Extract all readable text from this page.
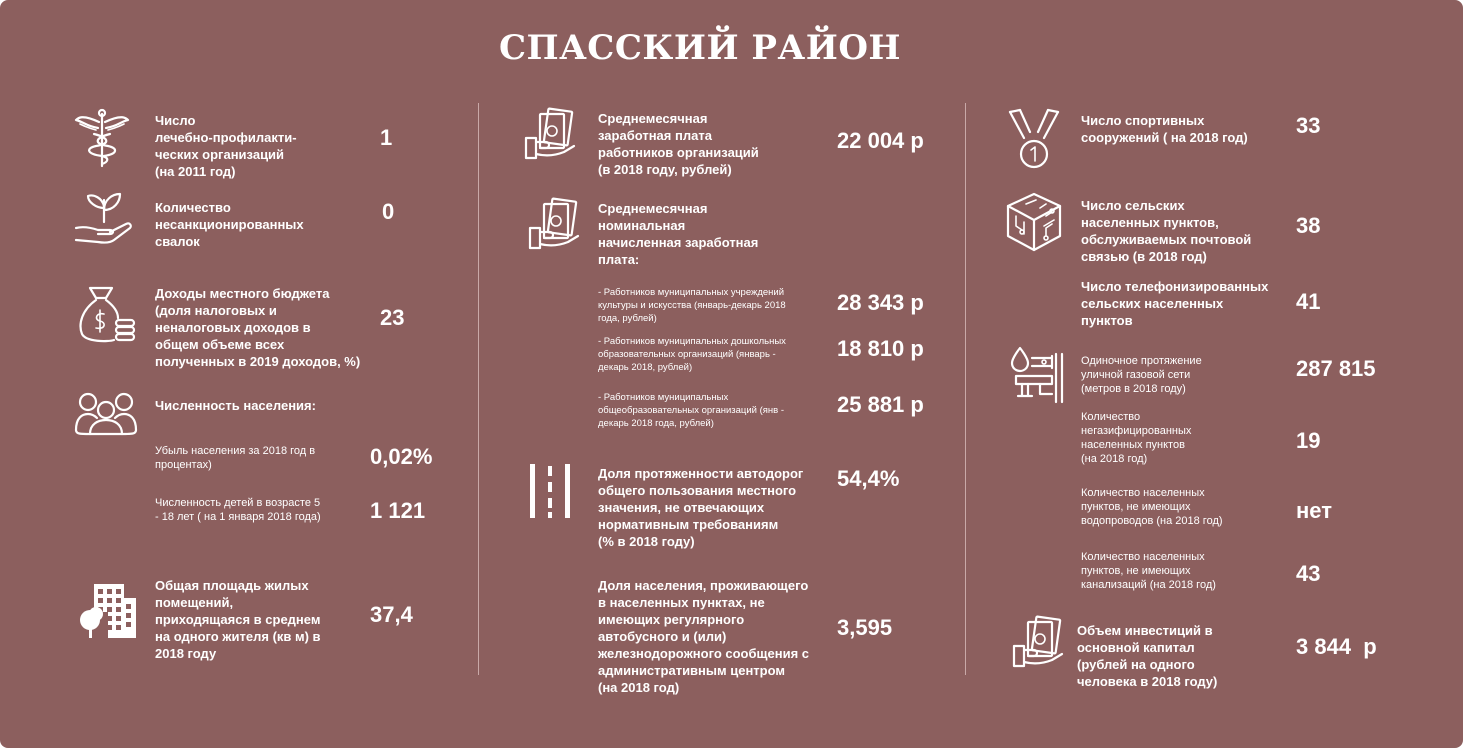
СПАССКИЙ РАЙОН
Число
лечебно-профилакти-
ческих организаций
(на 2011 год)
1
Количество
несанкционированных
свалок
0
Доходы местного бюджета
(доля налоговых и
неналоговых доходов в
общем объеме всех
полученных в 2019 доходов, %)
23
Численность населения:
Убыль населения за 2018 год в
процентах)	0,02%
Численность детей в возрасте 5
- 18 лет ( на 1 января 2018 года) 1 121
Общая площадь жилых
помещений,
приходящаяся в среднем
на одного жителя (кв м) в
2018 году
37,4
Среднемесячная
заработная плата
работников организаций
(в 2018 году, рублей)
22 004 р
Среднемесячная
номинальная
начисленная заработная
плата:
- Работников муниципальных учреждений
культуры и искусства (январь-декарь 2018
года, рублей)
28 343 р
- Работников муниципальных дошкольных
образовательных организаций (январь -
декарь 2018, рублей)
18 810 р
- Работников муниципальных
общеобразовательных организаций (янв -
декарь 2018 года, рублей)
25 881 р
Доля протяженности автодорог
общего пользования местного
значения, не отвечающих
нормативным требованиям
(% в 2018 году)
54,4%
Доля населения, проживающего
в населенных пунктах, не
имеющих регулярного
автобусного и (или)
железнодорожного сообщения с
административным центром
(на 2018 год)
3,595
Число спортивных
сооружений ( на 2018 год) 33
Число сельских
населенных пунктов,
обслуживаемых почтовой
связью (в 2018 год)
38
Число телефонизированных
сельских населенных
пунктов
41
Одиночное протяжение
уличной газовой сети
(метров в 2018 году)
287 815
Количество
негазифицированных
населенных пунктов
(на 2018 год)
19
Количество населенных
пунктов, не имеющих
водопроводов (на 2018 год)	нет
Количество населенных
пунктов, не имеющих
канализаций (на 2018 год)	43
Объем инвестиций в
основной капитал
(рублей на одного
человека в 2018 году)
3 844  р
